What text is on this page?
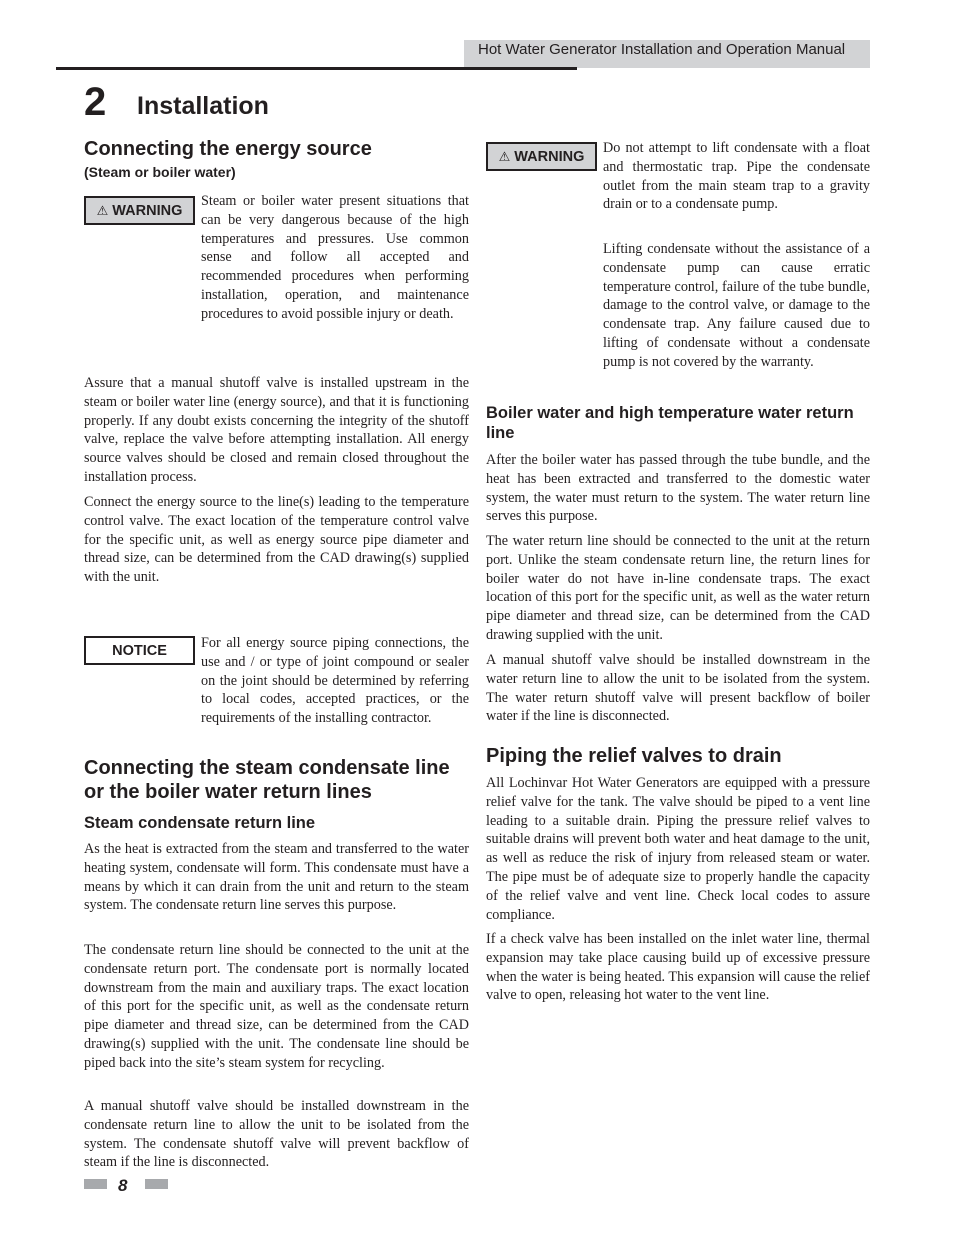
Hot Water Generator Installation and Operation Manual
2 Installation
Connecting the energy source
(Steam or boiler water)
⚠ WARNING

Steam or boiler water present situations that can be very dangerous because of the high temperatures and pressures. Use common sense and follow all accepted and recommended procedures when performing installation, operation, and maintenance procedures to avoid possible injury or death.

Assure that a manual shutoff valve is installed upstream in the steam or boiler water line (energy source), and that it is functioning properly. If any doubt exists concerning the integrity of the shutoff valve, replace the valve before attempting installation. All energy source valves should be closed and remain closed throughout the installation process.

Connect the energy source to the line(s) leading to the temperature control valve. The exact location of the temperature control valve for the specific unit, as well as energy source pipe diameter and thread size, can be determined from the CAD drawing(s) supplied with the unit.

NOTICE For all energy source piping connections, the use and / or type of joint compound or sealer on the joint should be determined by referring to local codes, accepted practices, or the requirements of the installing contractor.

Connecting the steam condensate line or the boiler water return lines
Steam condensate return line

As the heat is extracted from the steam and transferred to the water heating system, condensate will form. This condensate must have a means by which it can drain from the unit and return to the steam system. The condensate return line serves this purpose.

The condensate return line should be connected to the unit at the condensate return port. The condensate port is normally located downstream from the main and auxiliary traps. The exact location of this port for the specific unit, as well as the condensate return pipe diameter and thread size, can be determined from the CAD drawing(s) supplied with the unit. The condensate line should be piped back into the site’s steam system for recycling.

A manual shutoff valve should be installed downstream in the condensate return line to allow the unit to be isolated from the system. The condensate shutoff valve will prevent backflow of steam if the line is disconnected.

⚠ WARNING

Do not attempt to lift condensate with a float and thermostatic trap. Pipe the condensate outlet from the main steam trap to a gravity drain or to a condensate pump.

Lifting condensate without the assistance of a condensate pump can cause erratic temperature control, failure of the tube bundle, damage to the control valve, or damage to the condensate trap. Any failure caused due to lifting of condensate without a condensate pump is not covered by the warranty.

Boiler water and high temperature water return line

After the boiler water has passed through the tube bundle, and the heat has been extracted and transferred to the domestic water system, the water must return to the system. The water return line serves this purpose.

The water return line should be connected to the unit at the return port. Unlike the steam condensate return line, the return lines for boiler water do not have in-line condensate traps. The exact location of this port for the specific unit, as well as the water return pipe diameter and thread size, can be determined from the CAD drawing supplied with the unit.

A manual shutoff valve should be installed downstream in the water return line to allow the unit to be isolated from the system. The water return shutoff valve will present backflow of boiler water if the line is disconnected.

Piping the relief valves to drain

All Lochinvar Hot Water Generators are equipped with a pressure relief valve for the tank. The valve should be piped to a vent line leading to a suitable drain. Piping the pressure relief valves to suitable drains will prevent both water and heat damage to the unit, as well as reduce the risk of injury from released steam or water. The pipe must be of adequate size to properly handle the capacity of the relief valve and vent line. Check local codes to assure compliance.

If a check valve has been installed on the inlet water line, thermal expansion may take place causing build up of excessive pressure when the water is being heated. This expansion will cause the relief valve to open, releasing hot water to the vent line.

8
